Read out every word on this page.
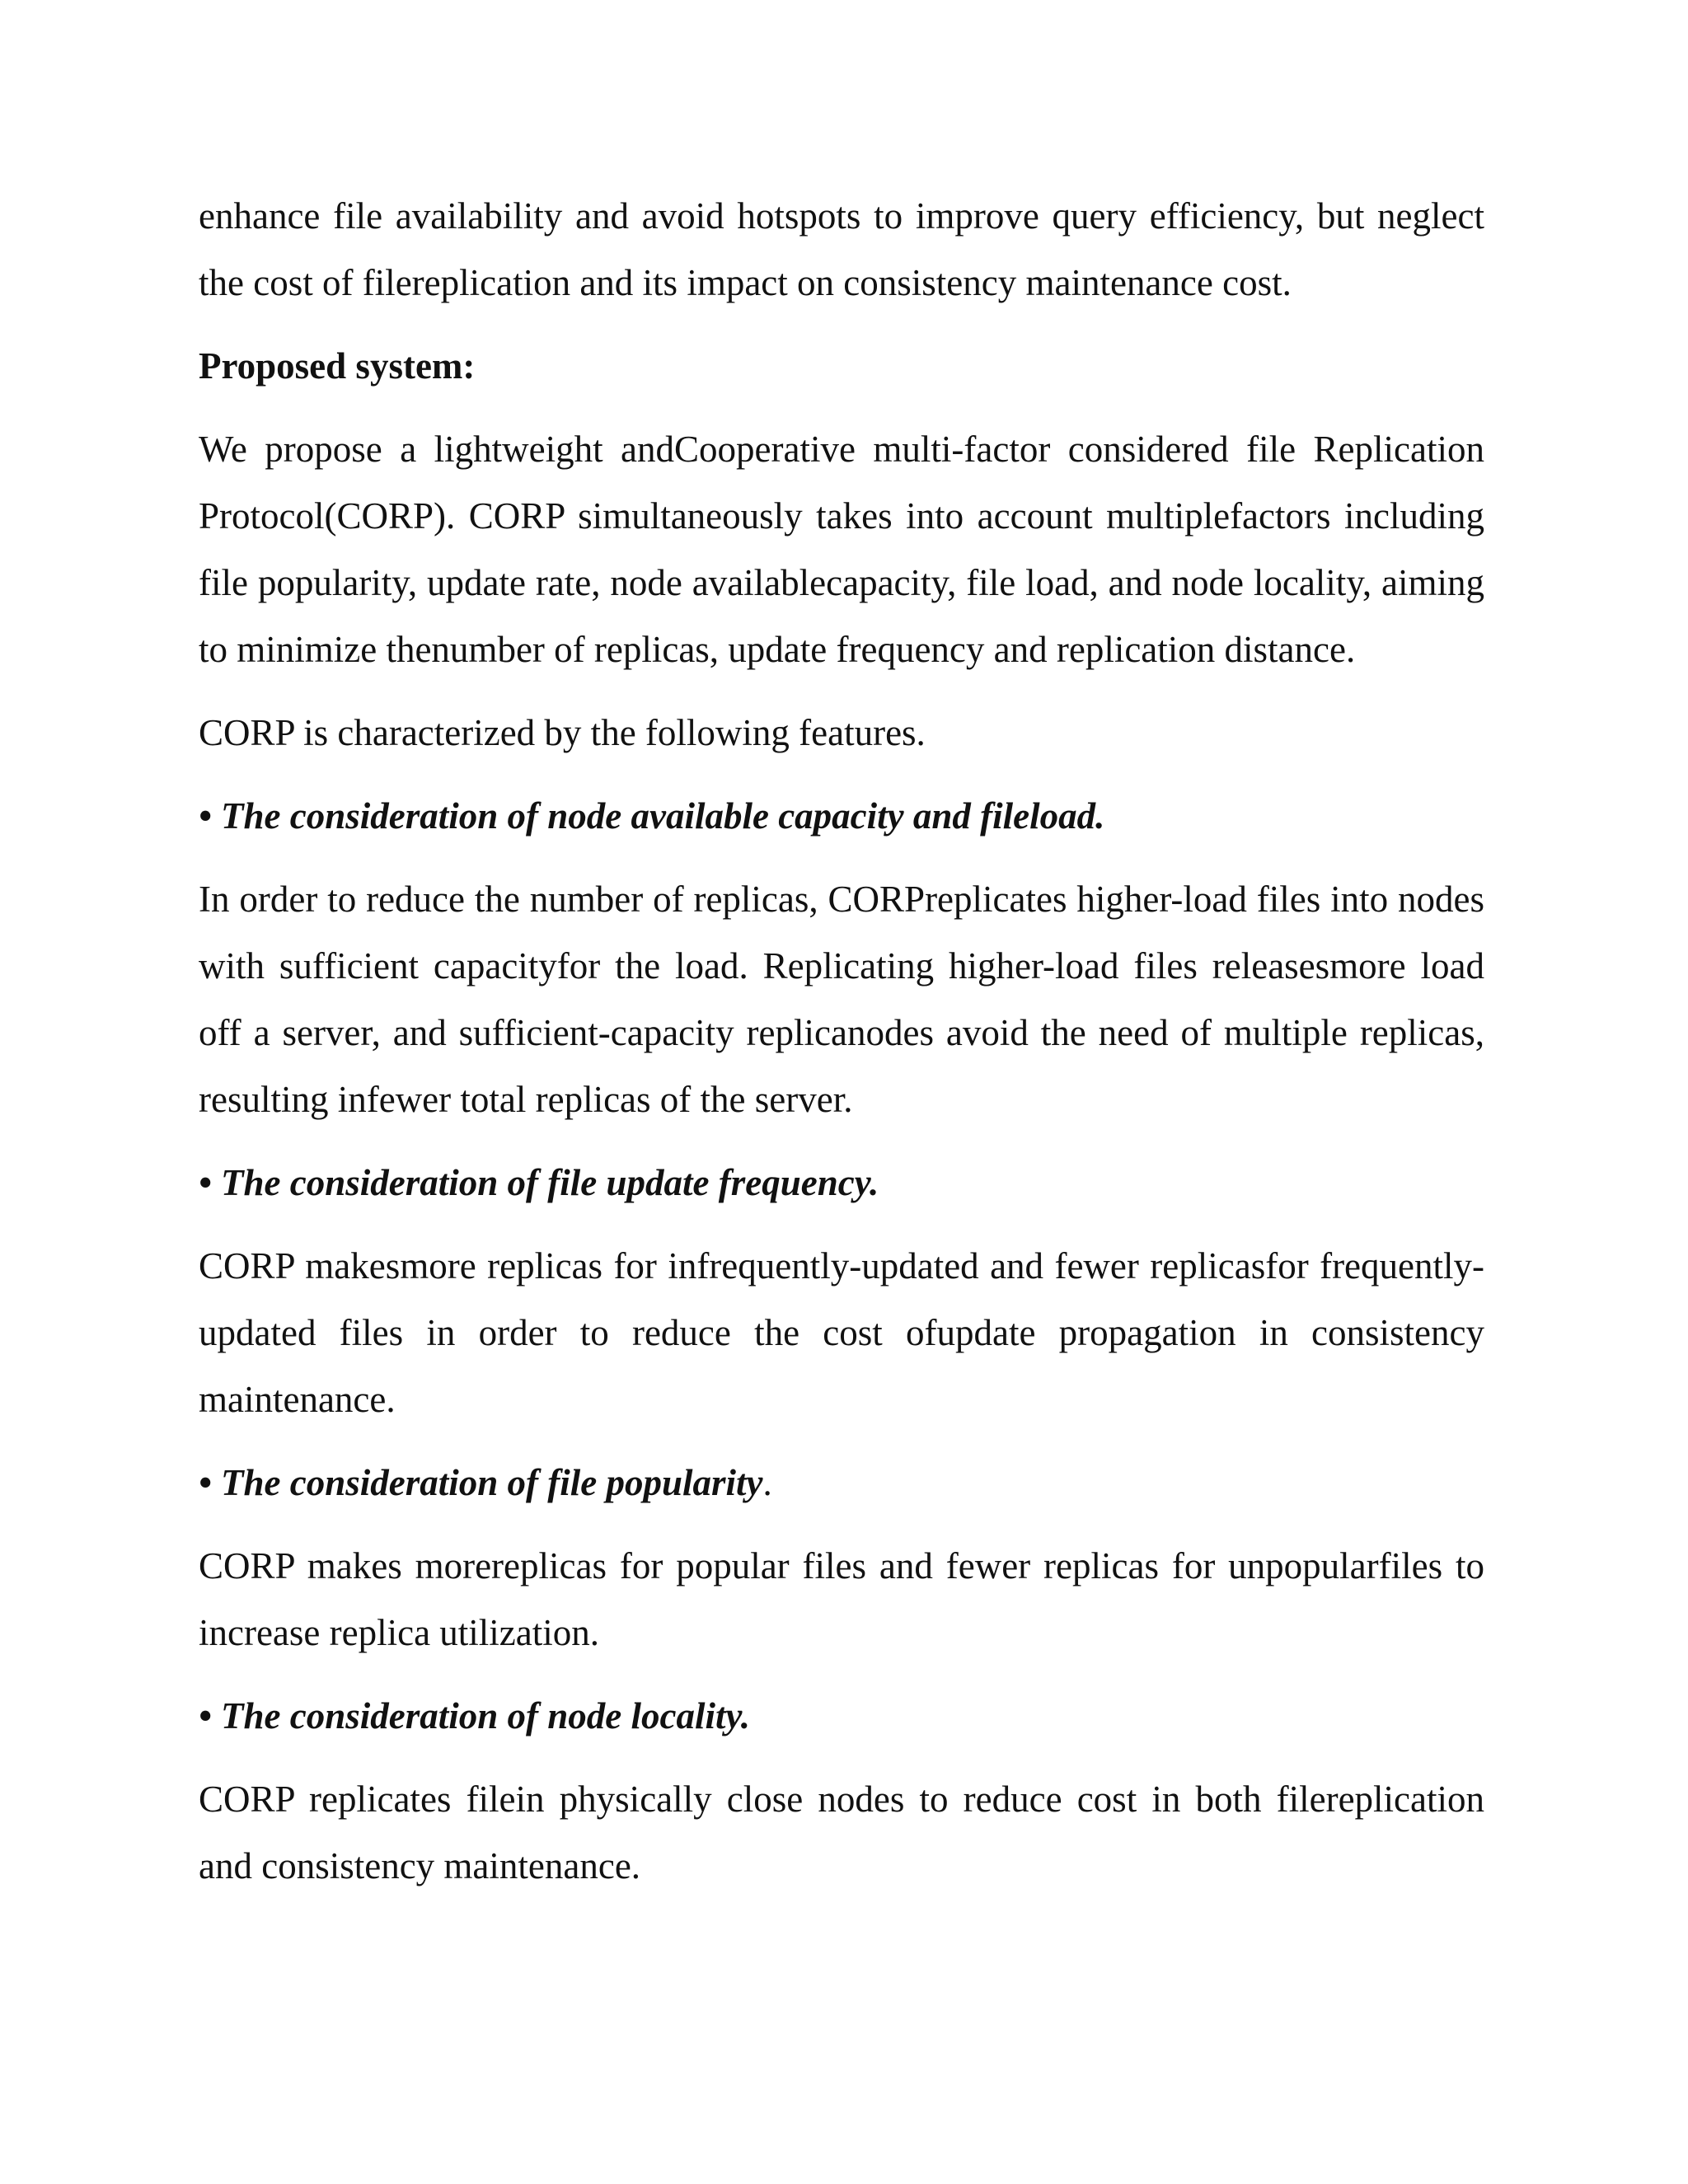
enhance file availability and avoid hotspots to improve query efficiency, but neglect the cost of filereplication and its impact on consistency maintenance cost.

Proposed system:

We propose a lightweight andCooperative multi-factor considered file Replication Protocol(CORP). CORP simultaneously takes into account multiplefactors including file popularity, update rate, node availablecapacity, file load, and node locality, aiming to minimize thenumber of replicas, update frequency and replication distance.

CORP is characterized by the following features.

• The consideration of node available capacity and fileload.

In order to reduce the number of replicas, CORPreplicates higher-load files into nodes with sufficient capacityfor the load. Replicating higher-load files releasesmore load off a server, and sufficient-capacity replicanodes avoid the need of multiple replicas, resulting infewer total replicas of the server.

• The consideration of file update frequency.

CORP makesmore replicas for infrequently-updated and fewer replicasfor frequently-updated files in order to reduce the cost ofupdate propagation in consistency maintenance.

• The consideration of file popularity.

CORP makes morereplicas for popular files and fewer replicas for unpopularfiles to increase replica utilization.

• The consideration of node locality.

CORP replicates filein physically close nodes to reduce cost in both filereplication and consistency maintenance.
